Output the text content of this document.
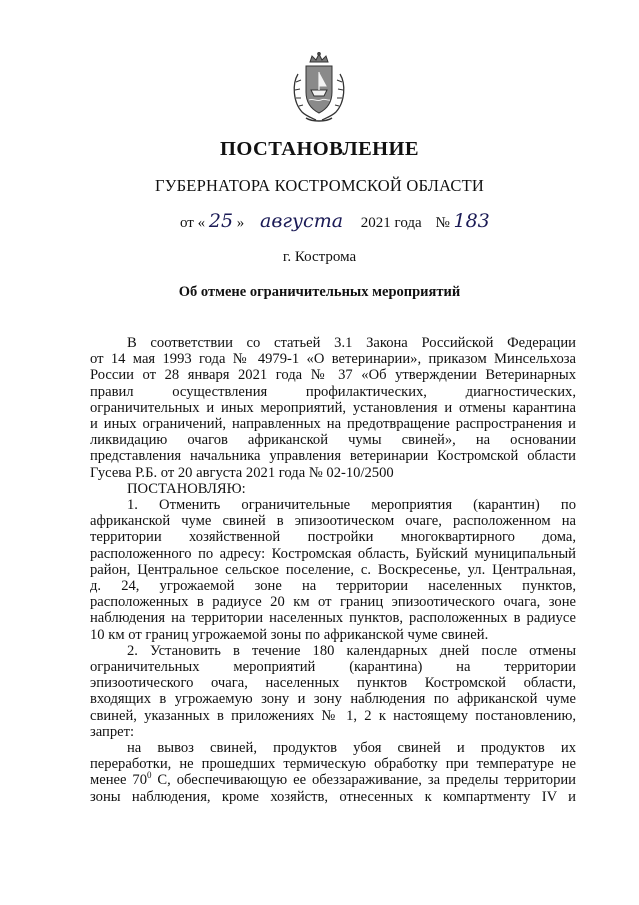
ПОСТАНОВЛЕНИЕ
ГУБЕРНАТОРА КОСТРОМСКОЙ ОБЛАСТИ
от « 25 » августа 2021 года № 183
г. Кострома
Об отмене ограничительных мероприятий

В соответствии со статьей 3.1 Закона Российской Федерации

от 14 мая 1993 года № 4979-1 «О ветеринарии», приказом Минсельхоза

России от 28 января 2021 года № 37 «Об утверждении Ветеринарных

правил осуществления профилактических, диагностических,

ограничительных и иных мероприятий, установления и отмены карантина

и иных ограничений, направленных на предотвращение распространения и

ликвидацию очагов африканской чумы свиней», на основании

представления начальника управления ветеринарии Костромской области

Гусева Р.Б. от 20 августа 2021 года № 02-10/2500

ПОСТАНОВЛЯЮ:

1. Отменить ограничительные мероприятия (карантин) по

африканской чуме свиней в эпизоотическом очаге, расположенном на

территории хозяйственной постройки многоквартирного дома,

расположенного по адресу: Костромская область, Буйский муниципальный

район, Центральное сельское поселение, с. Воскресенье, ул. Центральная,

д. 24, угрожаемой зоне на территории населенных пунктов,

расположенных в радиусе 20 км от границ эпизоотического очага, зоне

наблюдения на территории населенных пунктов, расположенных в радиусе

10 км от границ угрожаемой зоны по африканской чуме свиней.

2. Установить в течение 180 календарных дней после отмены

ограничительных мероприятий (карантина) на территории

эпизоотического очага, населенных пунктов Костромской области,

входящих в угрожаемую зону и зону наблюдения по африканской чуме

свиней, указанных в приложениях № 1, 2 к настоящему постановлению,

запрет:

на вывоз свиней, продуктов убоя свиней и продуктов их

переработки, не прошедших термическую обработку при температуре не

менее $70^0$ С, обеспечивающую ее обеззараживание, за пределы территории

зоны наблюдения, кроме хозяйств, отнесенных к компартменту IV и
